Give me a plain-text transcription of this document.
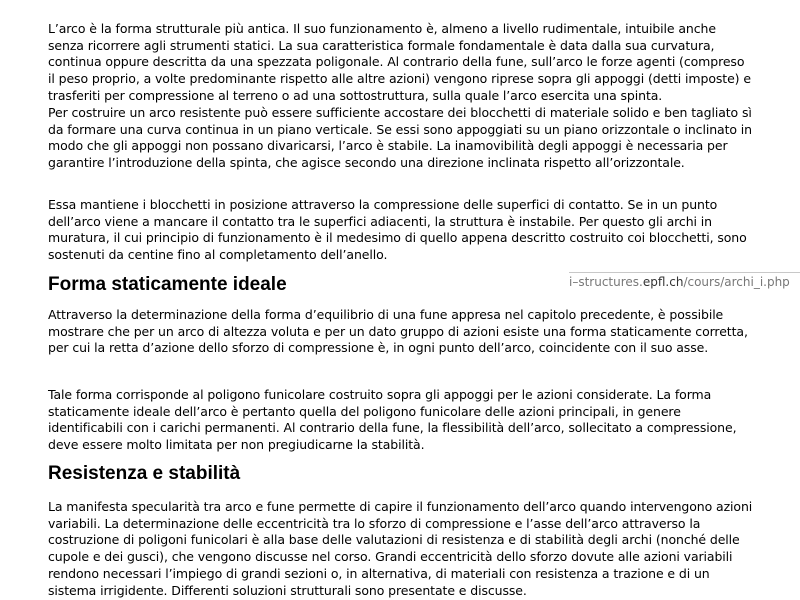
L’arco è la forma strutturale più antica. Il suo funzionamento è, almeno a livello rudimentale, intuibile anche senza ricorrere agli strumenti statici. La sua caratteristica formale fondamentale è data dalla sua curvatura, continua oppure descritta da una spezzata poligonale. Al contrario della fune, sull’arco le forze agenti (compreso il peso proprio, a volte predominante rispetto alle altre azioni) vengono riprese sopra gli appoggi (detti imposte) e trasferiti per compressione al terreno o ad una sottostruttura, sulla quale l’arco esercita una spinta.

Per costruire un arco resistente può essere sufficiente accostare dei blocchetti di materiale solido e ben tagliato sì da formare una curva continua in un piano verticale. Se essi sono appoggiati su un piano orizzontale o inclinato in modo che gli appoggi non possano divaricarsi, l’arco è stabile. La inamovibilità degli appoggi è necessaria per garantire l’introduzione della spinta, che agisce secondo una direzione inclinata rispetto all’orizzontale.

Essa mantiene i blocchetti in posizione attraverso la compressione delle superfici di contatto. Se in un punto dell’arco viene a mancare il contatto tra le superfici adiacenti, la struttura è instabile. Per questo gli archi in muratura, il cui principio di funzionamento è il medesimo di quello appena descritto costruito coi blocchetti, sono sostenuti da centine fino al completamento dell’anello.

i–structures.epfl.ch/cours/archi_i.php
Forma staticamente ideale

Attraverso la determinazione della forma d’equilibrio di una fune appresa nel capitolo precedente, è possibile mostrare che per un arco di altezza voluta e per un dato gruppo di azioni esiste una forma staticamente corretta, per cui la retta d’azione dello sforzo di compressione è, in ogni punto dell’arco, coincidente con il suo asse.

Tale forma corrisponde al poligono funicolare costruito sopra gli appoggi per le azioni considerate. La forma staticamente ideale dell’arco è pertanto quella del poligono funicolare delle azioni principali, in genere identificabili con i carichi permanenti. Al contrario della fune, la flessibilità dell’arco, sollecitato a compressione, deve essere molto limitata per non pregiudicarne la stabilità.

Resistenza e stabilità

La manifesta specularità tra arco e fune permette di capire il funzionamento dell’arco quando intervengono azioni variabili. La determinazione delle eccentricità tra lo sforzo di compressione e l’asse dell’arco attraverso la costruzione di poligoni funicolari è alla base delle valutazioni di resistenza e di stabilità degli archi (nonché delle cupole e dei gusci), che vengono discusse nel corso. Grandi eccentricità dello sforzo dovute alle azioni variabili rendono necessari l’impiego di grandi sezioni o, in alternativa, di materiali con resistenza a trazione e di un sistema irrigidente. Differenti soluzioni strutturali sono presentate e discusse.
